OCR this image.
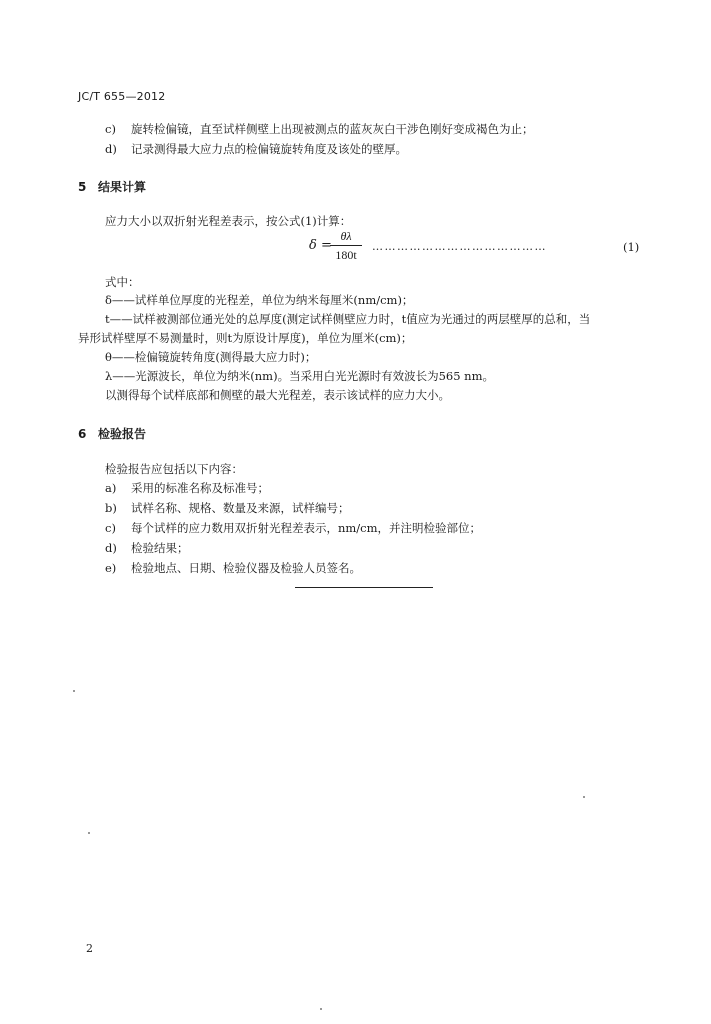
JC/T 655—2012
c) 旋转检偏镜，直至试样侧壁上出现被测点的蓝灰灰白干涉色刚好变成褐色为止；
d) 记录测得最大应力点的检偏镜旋转角度及该处的壁厚。
5 结果计算
应力大小以双折射光程差表示，按公式(1)计算：
δ =
$\frac{\theta\lambda}{180t}$ ……………………………………	(1)
式中：
δ——试样单位厚度的光程差，单位为纳米每厘米(nm/cm)；
t——试样被测部位通光处的总厚度(测定试样侧壁应力时，t值应为光通过的两层壁厚的总和，当
异形试样壁厚不易测量时，则t为原设计厚度)，单位为厘米(cm)；
θ——检偏镜旋转角度(测得最大应力时)；
λ——光源波长，单位为纳米(nm)。当采用白光光源时有效波长为565 nm。
以测得每个试样底部和侧壁的最大光程差，表示该试样的应力大小。
6 检验报告
检验报告应包括以下内容：
a) 采用的标准名称及标准号；
b) 试样名称、规格、数量及来源，试样编号；
c) 每个试样的应力数用双折射光程差表示，nm/cm，并注明检验部位；
d) 检验结果；
e) 检验地点、日期、检验仪器及检验人员签名。
2
